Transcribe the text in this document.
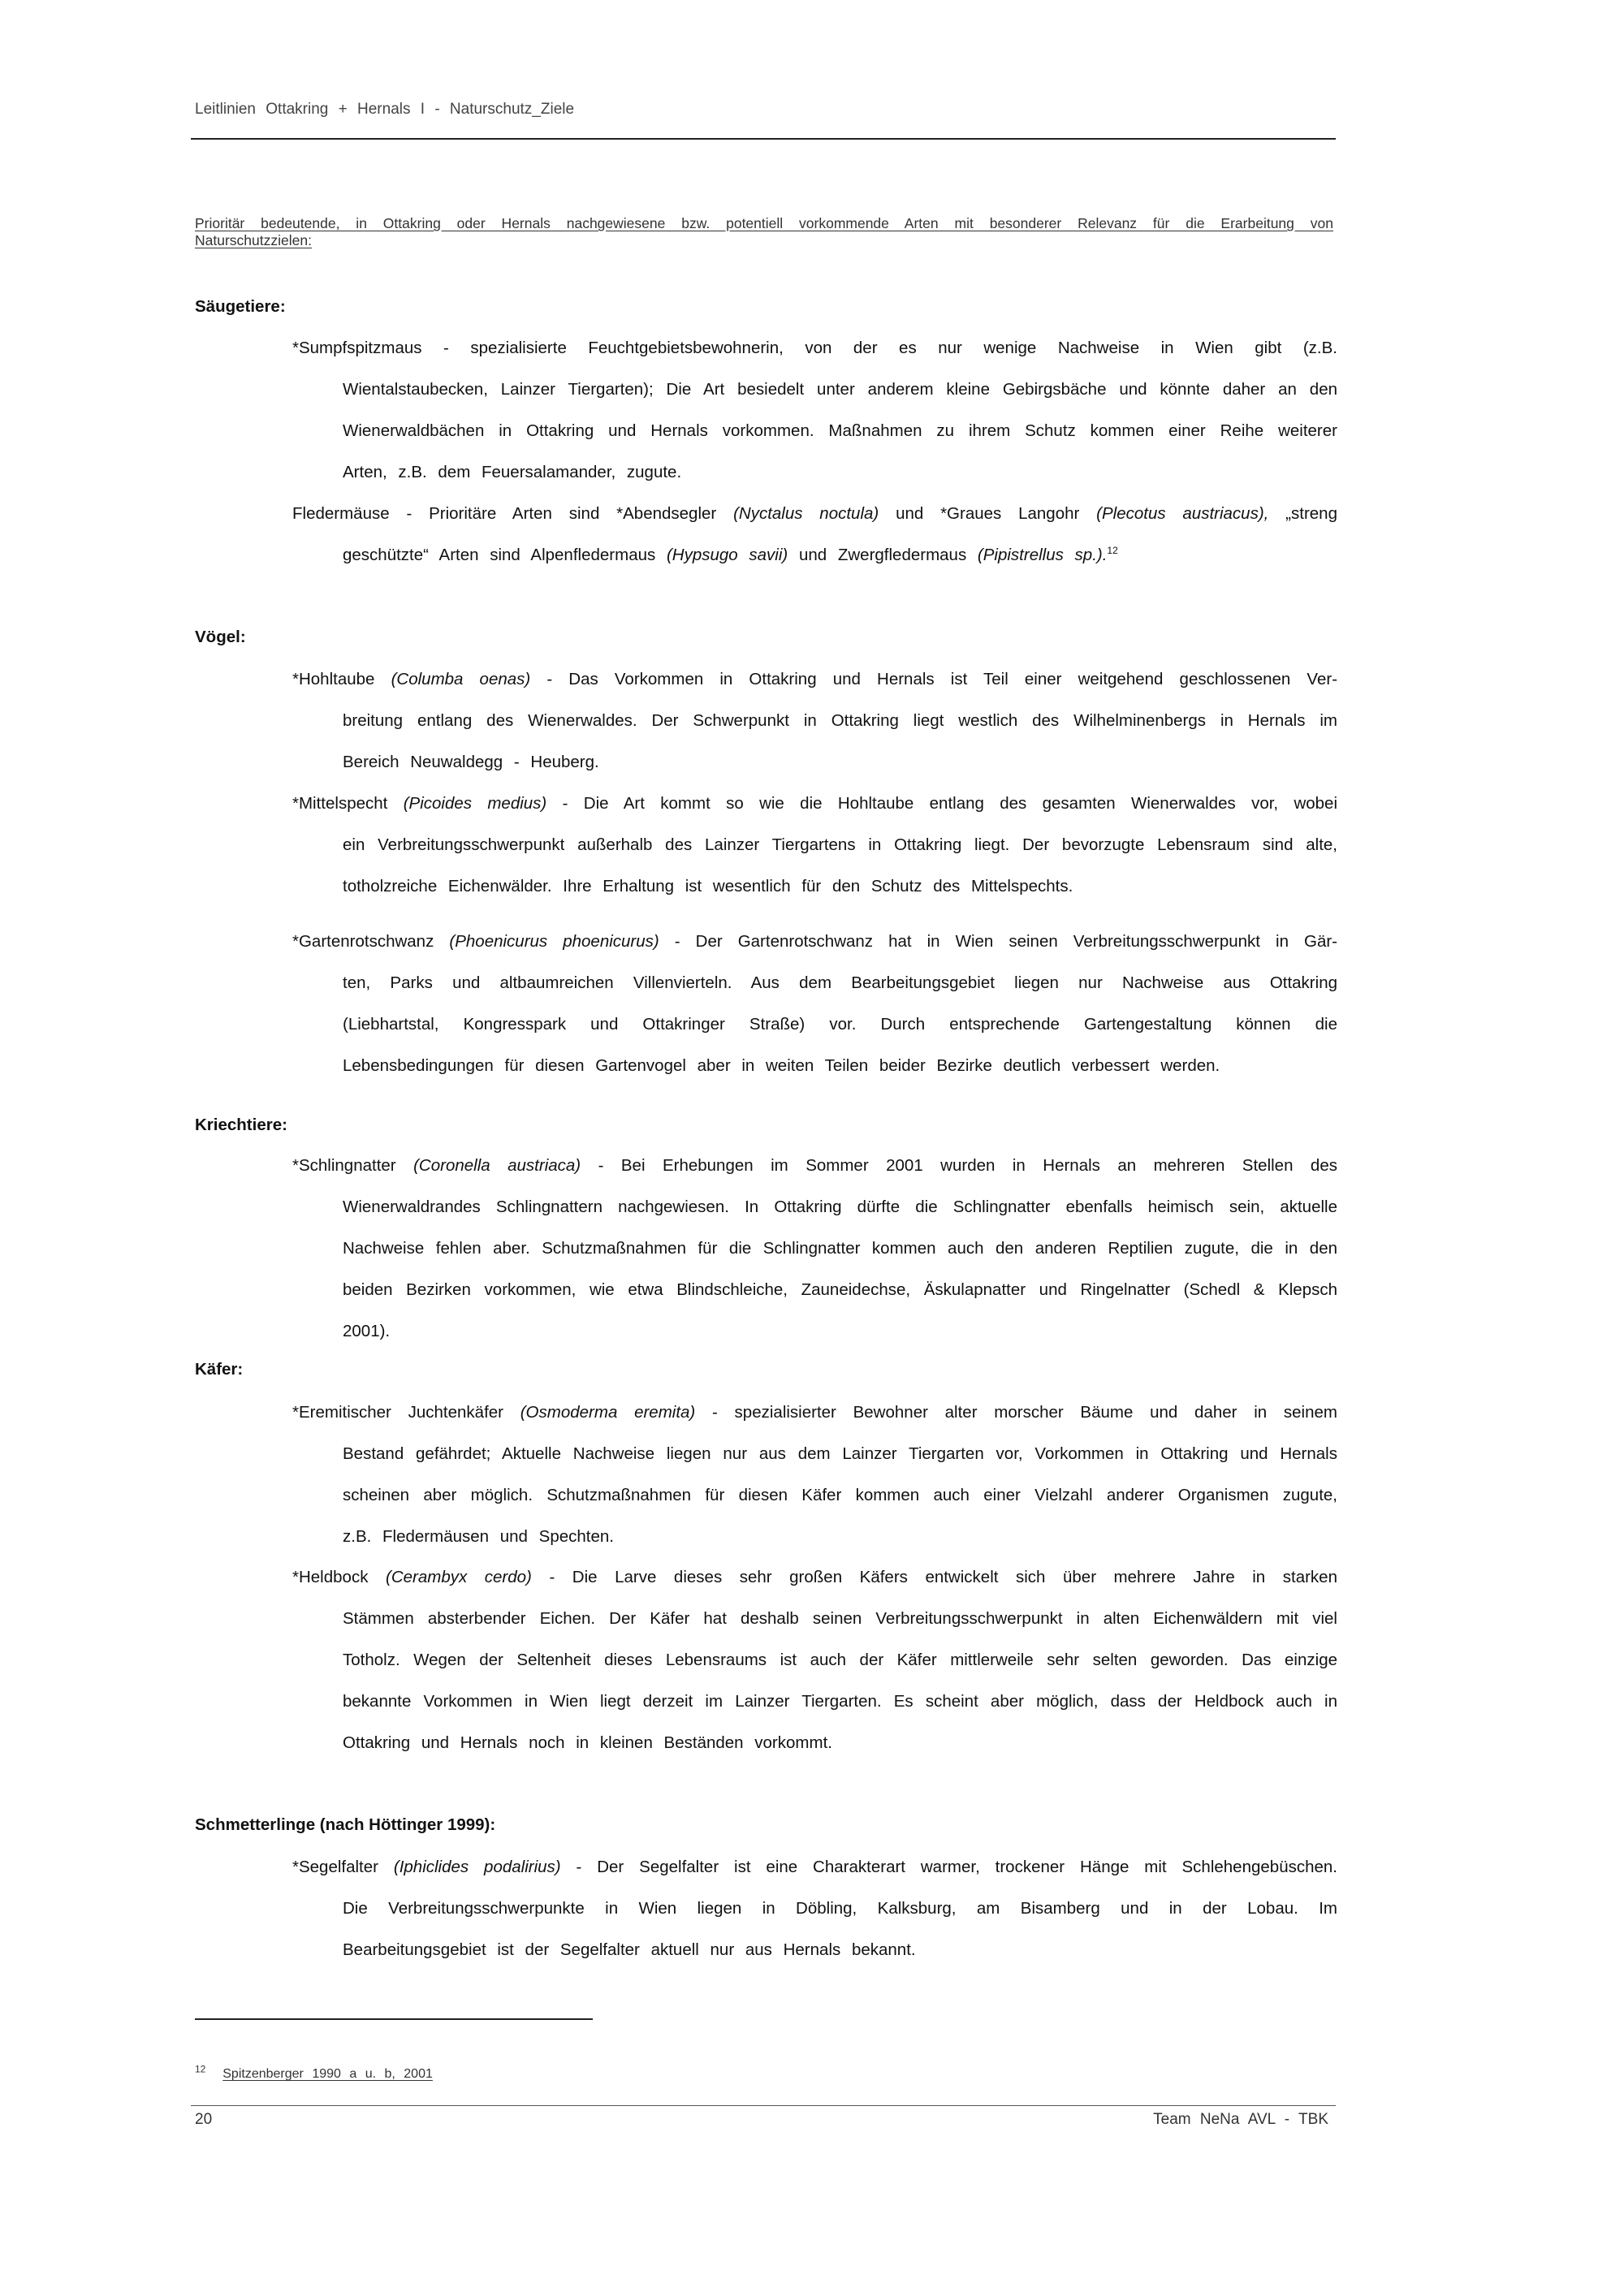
Leitlinien Ottakring + Hernals I - Naturschutz_Ziele
Prioritär bedeutende, in Ottakring oder Hernals nachgewiesene bzw. potentiell vorkommende Arten mit besonderer Relevanz für die Erarbeitung von Naturschutzzielen:
Säugetiere:
*Sumpfspitzmaus - spezialisierte Feuchtgebietsbewohnerin, von der es nur wenige Nachweise in Wien gibt (z.B.
Wientalstaubecken, Lainzer Tiergarten); Die Art besiedelt unter anderem kleine Gebirgsbäche und könnte daher an den Wienerwaldbächen in Ottakring und Hernals vorkommen. Maßnahmen zu ihrem Schutz kommen einer Reihe weiterer Arten, z.B. dem Feuersalamander, zugute.
Fledermäuse - Prioritäre Arten sind *Abendsegler (Nyctalus noctula) und *Graues Langohr (Plecotus austriacus), „streng
geschützte“ Arten sind Alpenfledermaus (Hypsugo savii) und Zwergfledermaus (Pipistrellus sp.).$^{12}$
Vögel:
*Hohltaube (Columba oenas) - Das Vorkommen in Ottakring und Hernals ist Teil einer weitgehend geschlossenen Ver-
breitung entlang des Wienerwaldes. Der Schwerpunkt in Ottakring liegt westlich des Wilhelminenbergs in Hernals im Bereich Neuwaldegg - Heuberg.
*Mittelspecht (Picoides medius) - Die Art kommt so wie die Hohltaube entlang des gesamten Wienerwaldes vor, wobei
ein Verbreitungsschwerpunkt außerhalb des Lainzer Tiergartens in Ottakring liegt. Der bevorzugte Lebensraum sind alte, totholzreiche Eichenwälder. Ihre Erhaltung ist wesentlich für den Schutz des Mittelspechts.
*Gartenrotschwanz (Phoenicurus phoenicurus) - Der Gartenrotschwanz hat in Wien seinen Verbreitungsschwerpunkt in Gär-
ten, Parks und altbaumreichen Villenvierteln. Aus dem Bearbeitungsgebiet liegen nur Nachweise aus Ottakring (Liebhartstal, Kongresspark und Ottakringer Straße) vor. Durch entsprechende Gartengestaltung können die Lebensbedingungen für diesen Gartenvogel aber in weiten Teilen beider Bezirke deutlich verbessert werden.
Kriechtiere:
*Schlingnatter (Coronella austriaca) - Bei Erhebungen im Sommer 2001 wurden in Hernals an mehreren Stellen des
Wienerwaldrandes Schlingnattern nachgewiesen. In Ottakring dürfte die Schlingnatter ebenfalls heimisch sein, aktuelle Nachweise fehlen aber. Schutzmaßnahmen für die Schlingnatter kommen auch den anderen Reptilien zugute, die in den beiden Bezirken vorkommen, wie etwa Blindschleiche, Zauneidechse, Äskulapnatter und Ringelnatter (Schedl & Klepsch 2001).
Käfer:
*Eremitischer Juchtenkäfer (Osmoderma eremita) - spezialisierter Bewohner alter morscher Bäume und daher in seinem
Bestand gefährdet; Aktuelle Nachweise liegen nur aus dem Lainzer Tiergarten vor, Vorkommen in Ottakring und Hernals scheinen aber möglich. Schutzmaßnahmen für diesen Käfer kommen auch einer Vielzahl anderer Organismen zugute, z.B. Fledermäusen und Spechten.
*Heldbock (Cerambyx cerdo) - Die Larve dieses sehr großen Käfers entwickelt sich über mehrere Jahre in starken
Stämmen absterbender Eichen. Der Käfer hat deshalb seinen Verbreitungsschwerpunkt in alten Eichenwäldern mit viel Totholz. Wegen der Seltenheit dieses Lebensraums ist auch der Käfer mittlerweile sehr selten geworden. Das einzige bekannte Vorkommen in Wien liegt derzeit im Lainzer Tiergarten. Es scheint aber möglich, dass der Heldbock auch in Ottakring und Hernals noch in kleinen Beständen vorkommt.
Schmetterlinge (nach Höttinger 1999):
*Segelfalter (Iphiclides podalirius) - Der Segelfalter ist eine Charakterart warmer, trockener Hänge mit Schlehengebüschen.
Die Verbreitungsschwerpunkte in Wien liegen in Döbling, Kalksburg, am Bisamberg und in der Lobau. Im Bearbeitungsgebiet ist der Segelfalter aktuell nur aus Hernals bekannt.
$^{12}$ Spitzenberger 1990 a u. b, 2001
20	Team NeNa AVL - TBK
